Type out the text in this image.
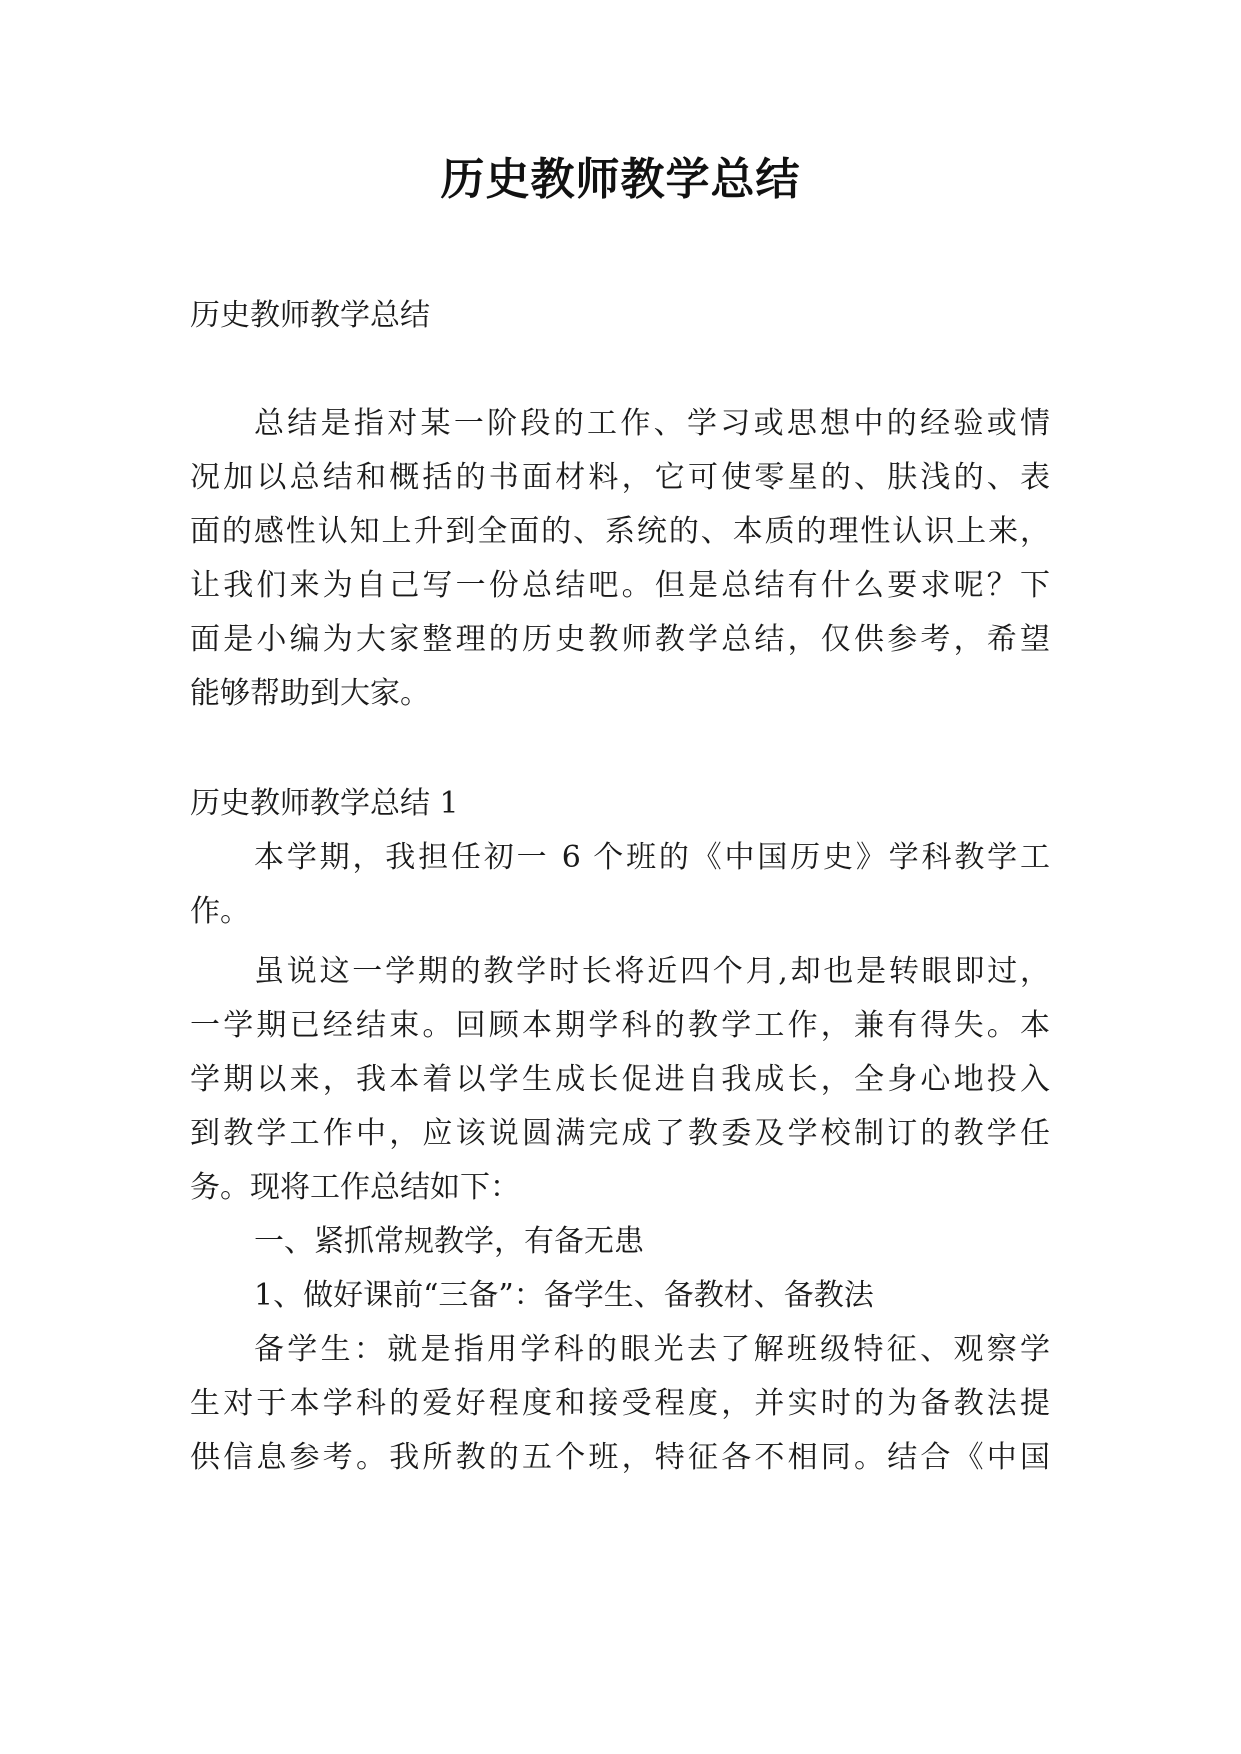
历史教师教学总结
历史教师教学总结
总结是指对某一阶段的工作、学习或思想中的经验或情
况加以总结和概括的书面材料，它可使零星的、肤浅的、表
面的感性认知上升到全面的、系统的、本质的理性认识上来，
让我们来为自己写一份总结吧。但是总结有什么要求呢？下
面是小编为大家整理的历史教师教学总结，仅供参考，希望
能够帮助到大家。
历史教师教学总结 1
本学期，我担任初一 6 个班的《中国历史》学科教学工
作。
虽说这一学期的教学时长将近四个月,却也是转眼即过，
一学期已经结束。回顾本期学科的教学工作，兼有得失。本
学期以来，我本着以学生成长促进自我成长，全身心地投入
到教学工作中，应该说圆满完成了教委及学校制订的教学任
务。现将工作总结如下：
一、紧抓常规教学，有备无患
1、做好课前“三备”：备学生、备教材、备教法
备学生：就是指用学科的眼光去了解班级特征、观察学
生对于本学科的爱好程度和接受程度，并实时的为备教法提
供信息参考。我所教的五个班，特征各不相同。结合《中国
